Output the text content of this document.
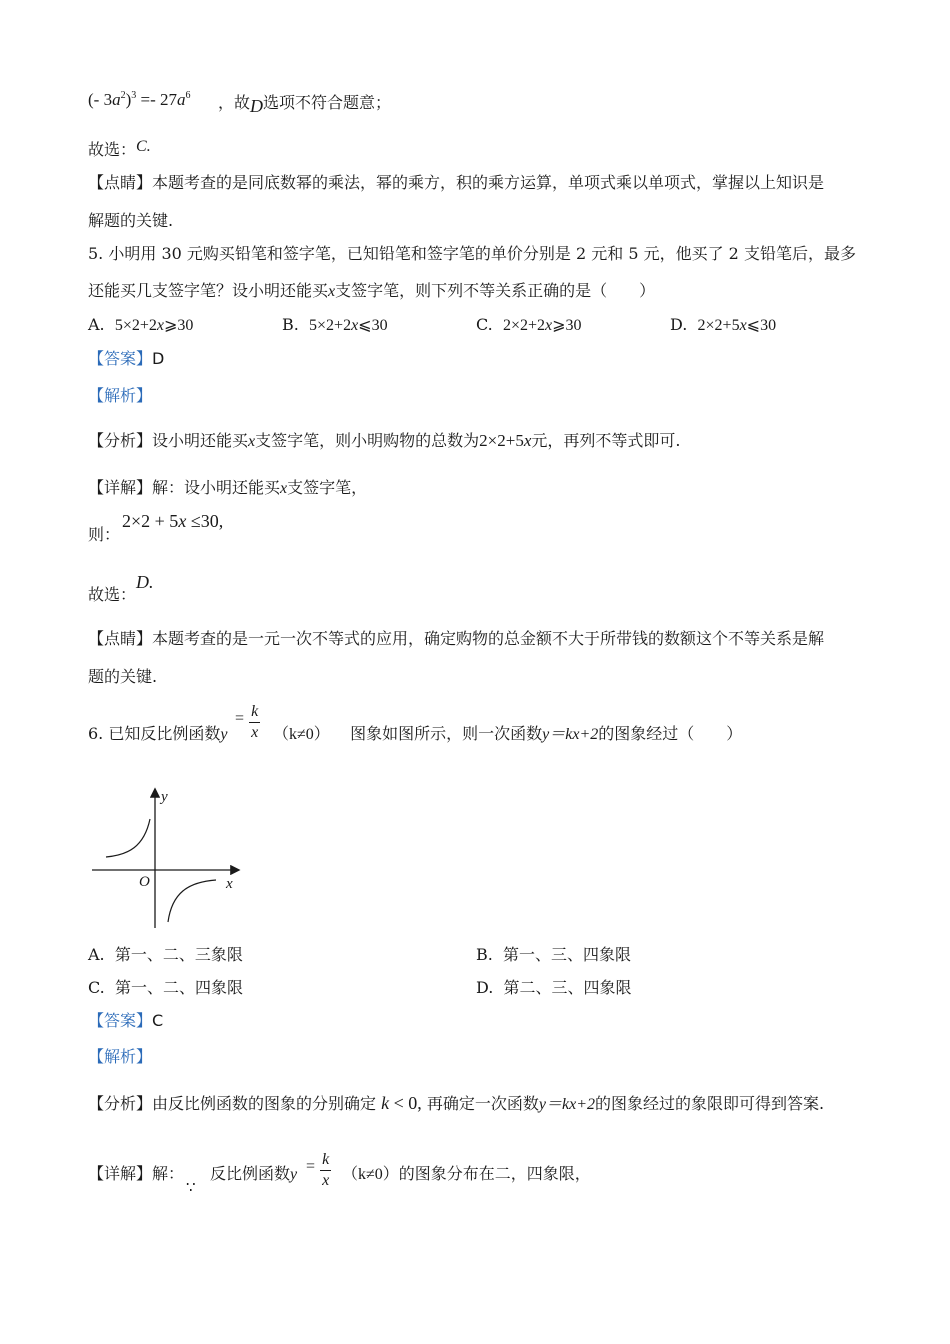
(- $3a^2)^3 =- 27a^6$ ，故D选项不符合题意；
故选：C.
【点睛】本题考查的是同底数幂的乘法，幂的乘方，积的乘方运算，单项式乘以单项式，掌握以上知识是
解题的关键.
5. 小明用 30 元购买铅笔和签字笔，已知铅笔和签字笔的单价分别是 2 元和 5 元，他买了 2 支铅笔后，最多
还能买几支签字笔？设小明还能买x支签字笔，则下列不等关系正确的是（　　）
A. 5×2+2x⩾30	B. 5×2+2x⩽30	C. 2×2+2x⩾30	D. 2×2+5x⩽30
【答案】D
【解析】
【分析】设小明还能买x支签字笔，则小明购物的总数为2×2+5x元，再列不等式即可.
【详解】解：设小明还能买x支签字笔，
则：
2×2 + 5x ≤30,
故选：D.
【点睛】本题考查的是一元一次不等式的应用，确定购物的总金额不大于所带钱的数额这个不等关系是解
题的关键.
6. 已知反比例函数y
= $\frac{k}{x} (k\ne 0)$ 图象如图所示，则一次函数y＝kx+2的图象经过（　　）
y
x
O
A. 第一、二、三象限	B. 第一、三、四象限
C. 第一、二、四象限	D. 第二、三、四象限
【答案】C
【解析】
【分析】由反比例函数的图象的分别确定 k < 0, 再确定一次函数y＝kx+2的图象经过的象限即可得到答案.
【详解】解：
∵
反比例函数$y = \frac{k}{x} (k\ne 0)$的图象分布在二，四象限，
